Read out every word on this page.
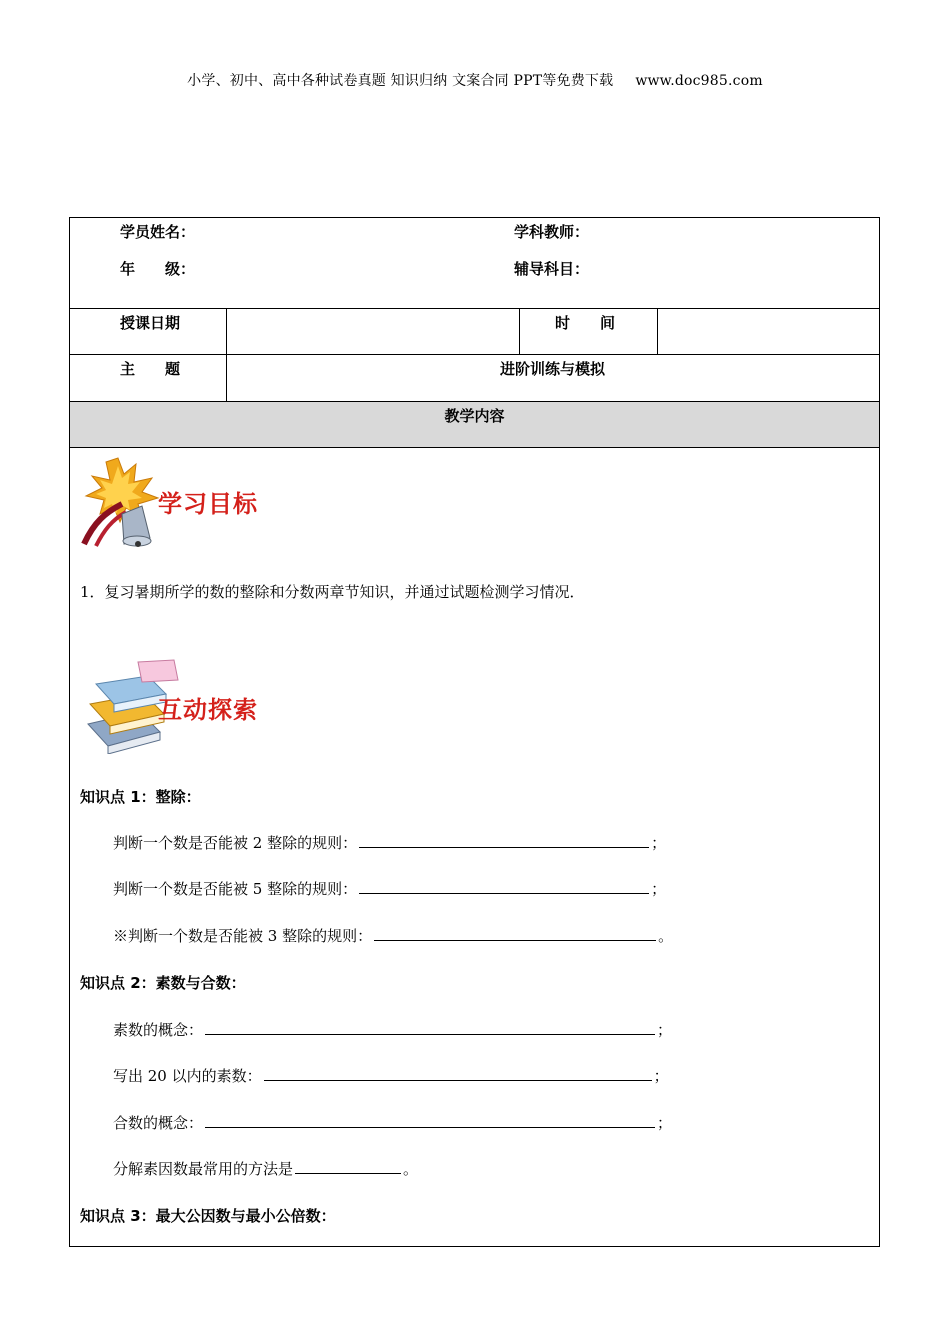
小学、初中、高中各种试卷真题 知识归纳 文案合同 PPT等免费下载 www.doc985.com
学员姓名：	学科教师：
年　　级：	辅导科目：
授课日期	时　　间
主　　题	进阶训练与模拟
教学内容
学习目标
1．复习暑期所学的数的整除和分数两章节知识，并通过试题检测学习情况．
互动探索
知识点 1：整除：
判断一个数是否能被 2 整除的规则：	；
判断一个数是否能被 5 整除的规则：	；
※判断一个数是否能被 3 整除的规则：	。
知识点 2：素数与合数：
素数的概念：	；
写出 20 以内的素数：	；
合数的概念：	；
分解素因数最常用的方法是	。
知识点 3：最大公因数与最小公倍数：
